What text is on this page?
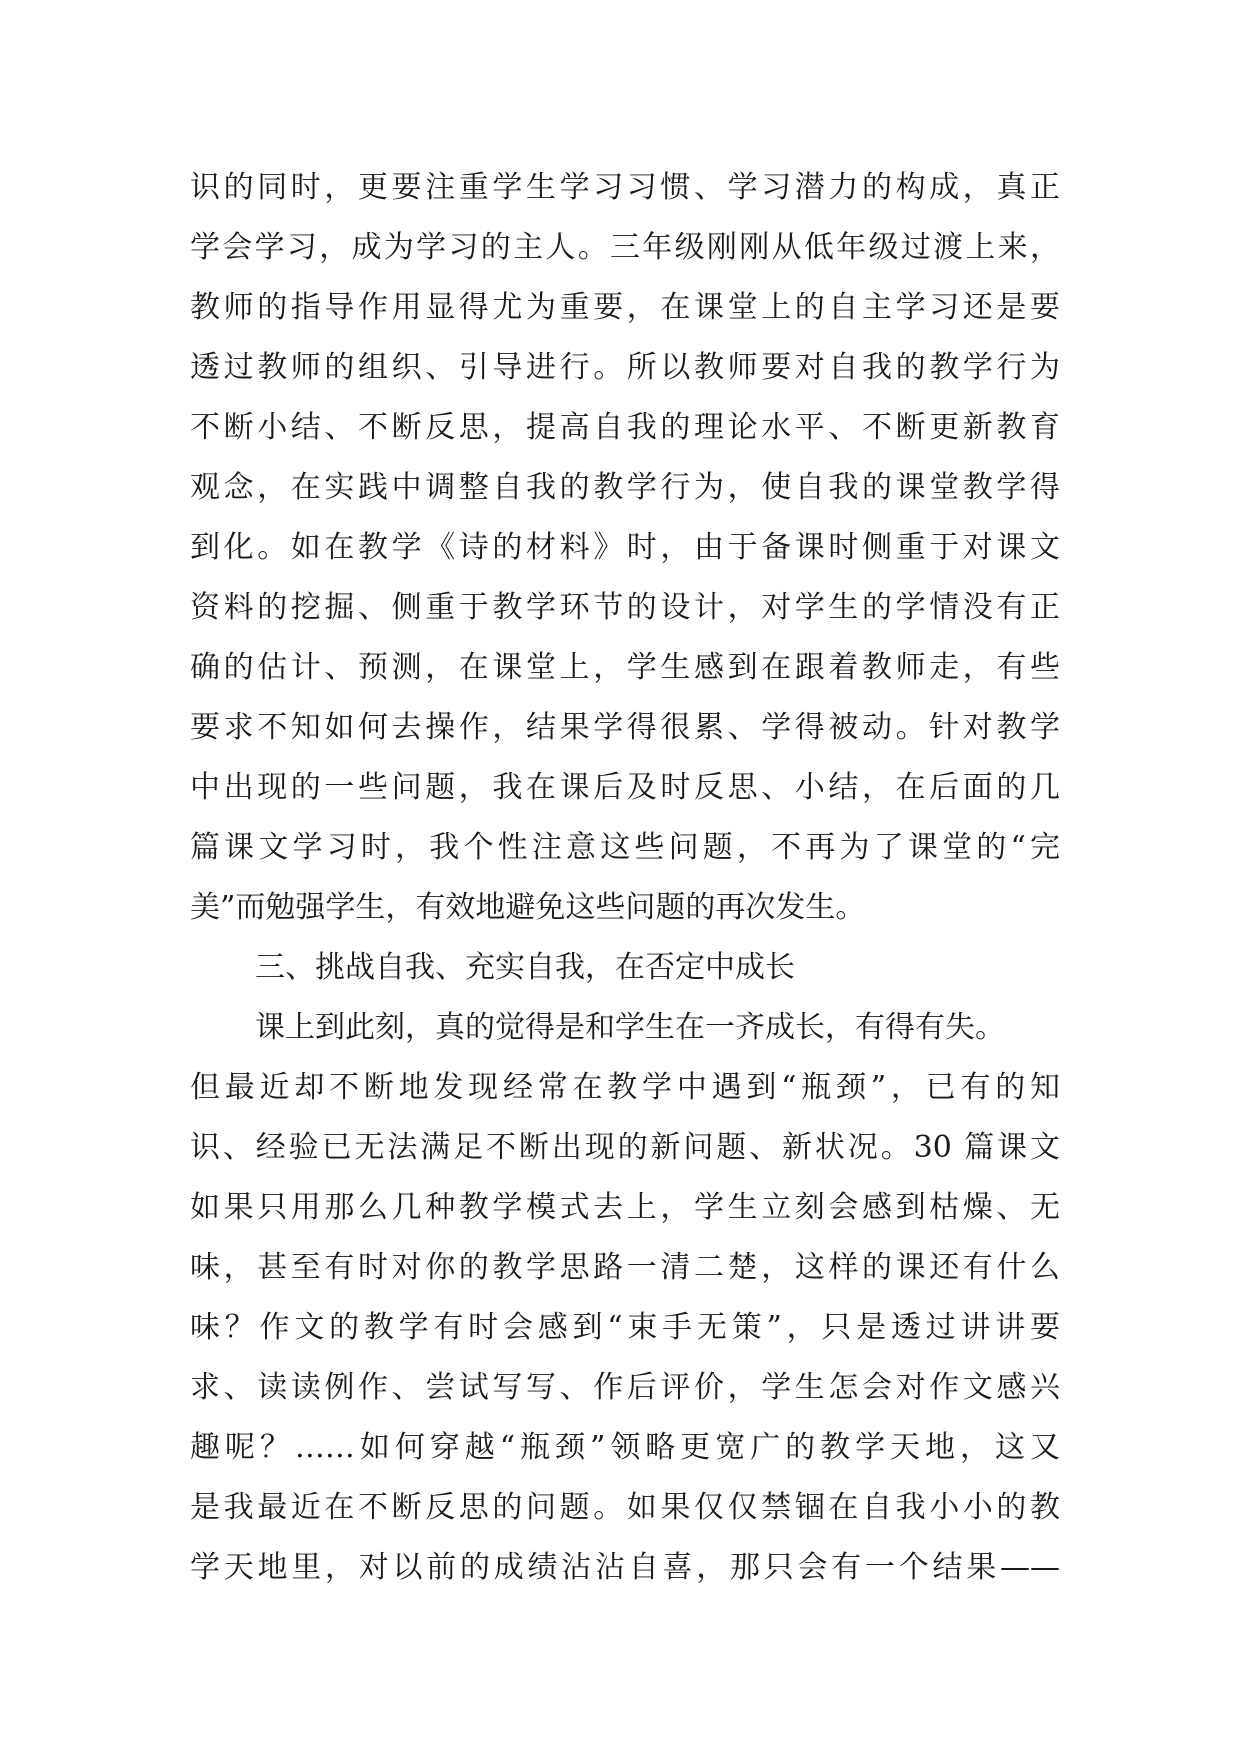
识的同时，更要注重学生学习习惯、学习潜力的构成，真正
学会学习，成为学习的主人。三年级刚刚从低年级过渡上来，
教师的指导作用显得尤为重要，在课堂上的自主学习还是要
透过教师的组织、引导进行。所以教师要对自我的教学行为
不断小结、不断反思，提高自我的理论水平、不断更新教育
观念，在实践中调整自我的教学行为，使自我的课堂教学得
到化。如在教学《诗的材料》时，由于备课时侧重于对课文
资料的挖掘、侧重于教学环节的设计，对学生的学情没有正
确的估计、预测，在课堂上，学生感到在跟着教师走，有些
要求不知如何去操作，结果学得很累、学得被动。针对教学
中出现的一些问题，我在课后及时反思、小结，在后面的几
篇课文学习时，我个性注意这些问题，不再为了课堂的“完
美”而勉强学生，有效地避免这些问题的再次发生。
三、挑战自我、充实自我，在否定中成长
课上到此刻，真的觉得是和学生在一齐成长，有得有失。
但最近却不断地发现经常在教学中遇到“瓶颈”，已有的知
识、经验已无法满足不断出现的新问题、新状况。30 篇课文
如果只用那么几种教学模式去上，学生立刻会感到枯燥、无
味，甚至有时对你的教学思路一清二楚，这样的课还有什么
味？作文的教学有时会感到“束手无策”，只是透过讲讲要
求、读读例作、尝试写写、作后评价，学生怎会对作文感兴
趣呢？……如何穿越“瓶颈”领略更宽广的教学天地，这又
是我最近在不断反思的问题。如果仅仅禁锢在自我小小的教
学天地里，对以前的成绩沾沾自喜，那只会有一个结果——
